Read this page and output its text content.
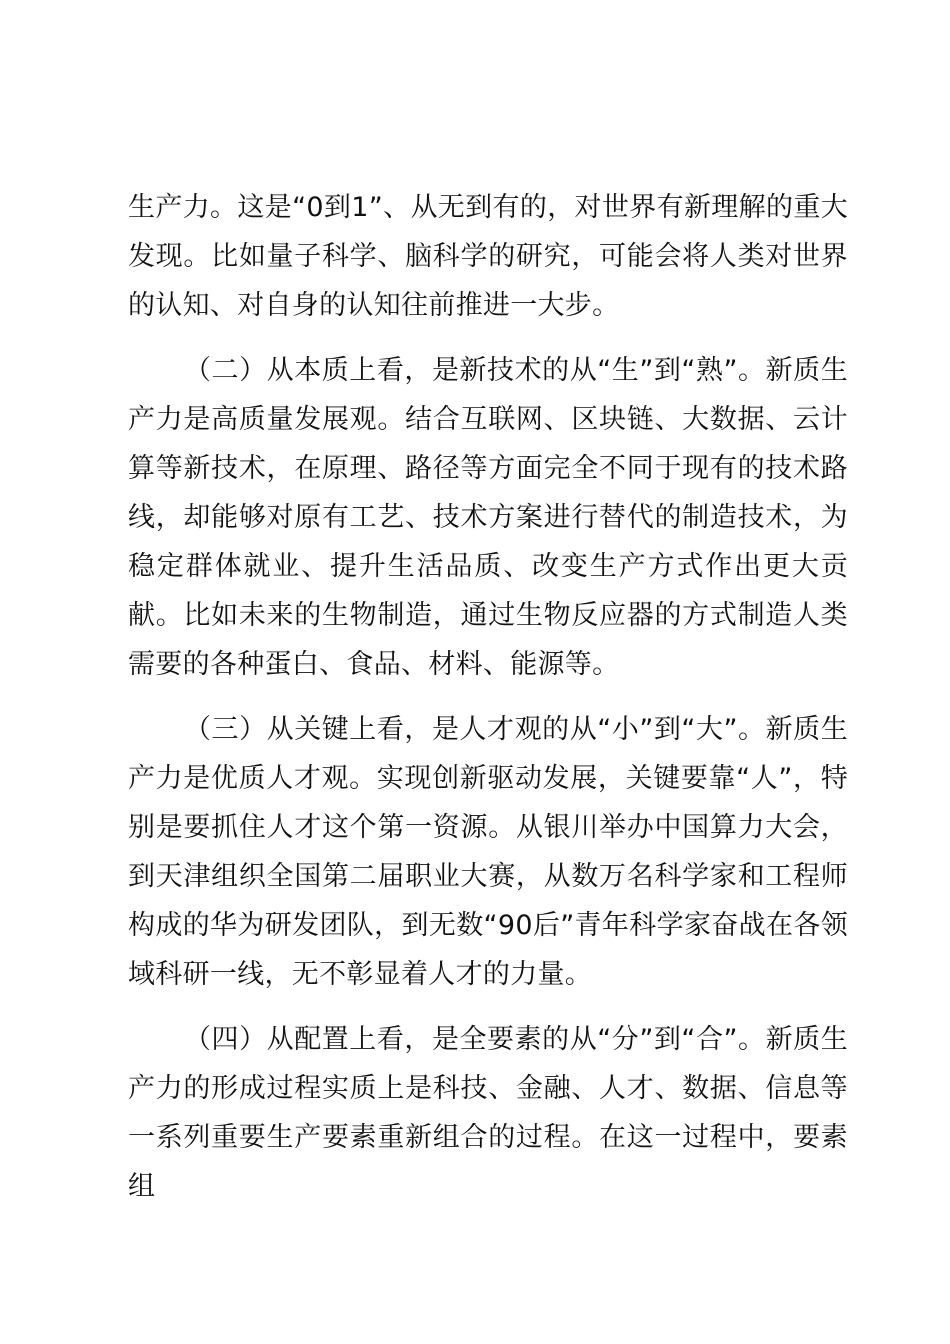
生产力。这是“0到1”、从无到有的，对世界有新理解的重大发现。比如量子科学、脑科学的研究，可能会将人类对世界的认知、对自身的认知往前推进一大步。

（二）从本质上看，是新技术的从“生”到“熟”。新质生产力是高质量发展观。结合互联网、区块链、大数据、云计算等新技术，在原理、路径等方面完全不同于现有的技术路线，却能够对原有工艺、技术方案进行替代的制造技术，为稳定群体就业、提升生活品质、改变生产方式作出更大贡献。比如未来的生物制造，通过生物反应器的方式制造人类需要的各种蛋白、食品、材料、能源等。

（三）从关键上看，是人才观的从“小”到“大”。新质生产力是优质人才观。实现创新驱动发展，关键要靠“人”，特别是要抓住人才这个第一资源。从银川举办中国算力大会，到天津组织全国第二届职业大赛，从数万名科学家和工程师构成的华为研发团队，到无数“90后”青年科学家奋战在各领域科研一线，无不彰显着人才的力量。

（四）从配置上看，是全要素的从“分”到“合”。新质生产力的形成过程实质上是科技、金融、人才、数据、信息等一系列重要生产要素重新组合的过程。在这一过程中，要素组
